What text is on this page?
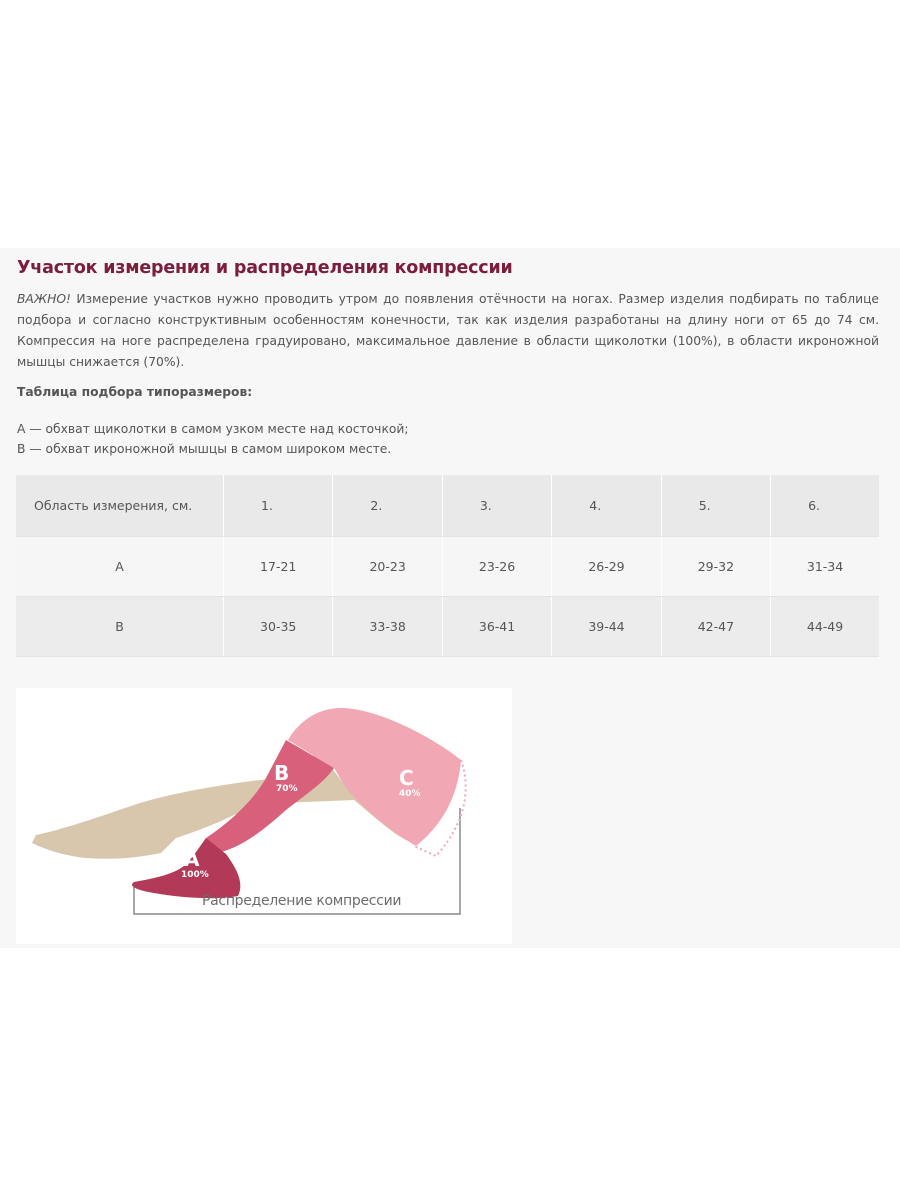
Участок измерения и распределения компрессии

ВАЖНО! Измерение участков нужно проводить утром до появления отёчности на ногах. Размер изделия подбирать по таблице подбора и согласно конструктивным особенностям конечности, так как изделия разработаны на длину ноги от 65 до 74 см. Компрессия на ноге распределена градуировано, максимальное давление в области щиколотки (100%), в области икроножной мышцы снижается (70%).

Таблица подбора типоразмеров:

А — обхват щиколотки в самом узком месте над косточкой;

В — обхват икроножной мышцы в самом широком месте.

Область измерения, см.	1.	2.	3.	4.	5.	6.
А	17-21	20-23	23-26	26-29	29-32	31-34
В	30-35	33-38	36-41	39-44	42-47	44-49
A
100%
B
70%	C
40%
Распределение компрессии
